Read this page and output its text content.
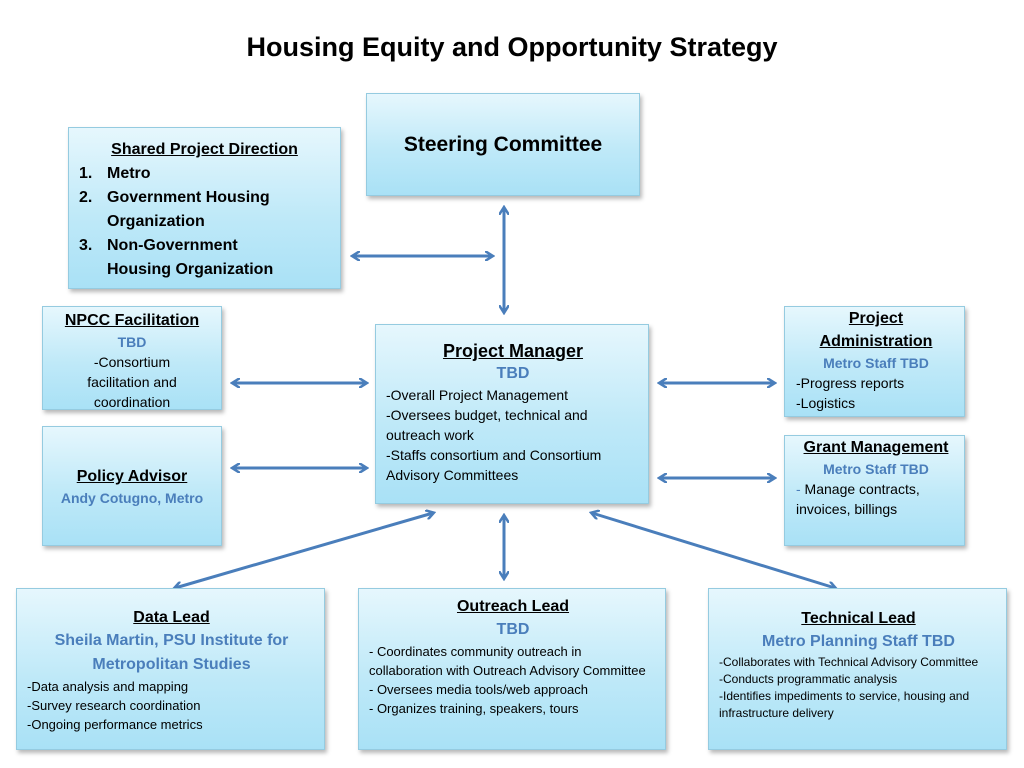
Housing Equity and Opportunity Strategy
Steering Committee
Shared Project Direction
1. Metro
2. Government Housing Organization
3. Non-Government Housing Organization
NPCC Facilitation
TBD
-Consortium facilitation and coordination
Policy Advisor
Andy Cotugno, Metro
Project Manager
TBD
-Overall Project Management
-Oversees budget, technical and outreach work
-Staffs consortium and Consortium Advisory Committees
Project Administration
Metro Staff TBD
-Progress reports
-Logistics
Grant Management
Metro Staff TBD
- Manage contracts, invoices, billings
Data Lead
Sheila Martin, PSU Institute for Metropolitan Studies
-Data analysis and mapping
-Survey research coordination
-Ongoing performance metrics
Outreach Lead
TBD
- Coordinates community outreach in collaboration with Outreach Advisory Committee
- Oversees media tools/web approach
- Organizes training, speakers, tours
Technical Lead
Metro Planning Staff TBD
-Collaborates with Technical Advisory Committee
-Conducts programmatic analysis
-Identifies impediments to service, housing and infrastructure delivery
